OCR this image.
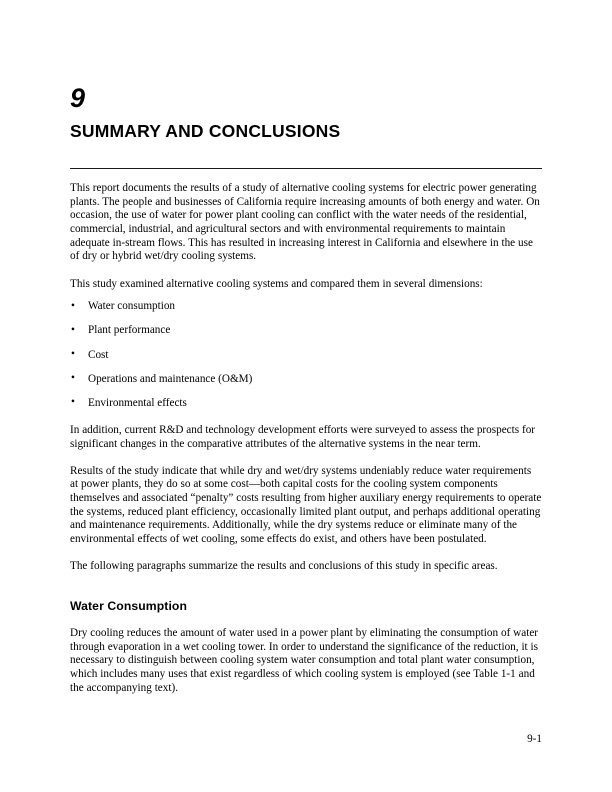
9
SUMMARY AND CONCLUSIONS

This report documents the results of a study of alternative cooling systems for electric power generating plants. The people and businesses of California require increasing amounts of both energy and water. On occasion, the use of water for power plant cooling can conflict with the water needs of the residential, commercial, industrial, and agricultural sectors and with environmental requirements to maintain adequate in-stream flows. This has resulted in increasing interest in California and elsewhere in the use of dry or hybrid wet/dry cooling systems.

This study examined alternative cooling systems and compared them in several dimensions:

• Water consumption
• Plant performance
• Cost
• Operations and maintenance (O&M)
• Environmental effects

In addition, current R&D and technology development efforts were surveyed to assess the prospects for significant changes in the comparative attributes of the alternative systems in the near term.

Results of the study indicate that while dry and wet/dry systems undeniably reduce water requirements at power plants, they do so at some cost—both capital costs for the cooling system components themselves and associated “penalty” costs resulting from higher auxiliary energy requirements to operate the systems, reduced plant efficiency, occasionally limited plant output, and perhaps additional operating and maintenance requirements. Additionally, while the dry systems reduce or eliminate many of the environmental effects of wet cooling, some effects do exist, and others have been postulated.

The following paragraphs summarize the results and conclusions of this study in specific areas.

Water Consumption

Dry cooling reduces the amount of water used in a power plant by eliminating the consumption of water through evaporation in a wet cooling tower. In order to understand the significance of the reduction, it is necessary to distinguish between cooling system water consumption and total plant water consumption, which includes many uses that exist regardless of which cooling system is employed (see Table 1-1 and the accompanying text).

9-1
